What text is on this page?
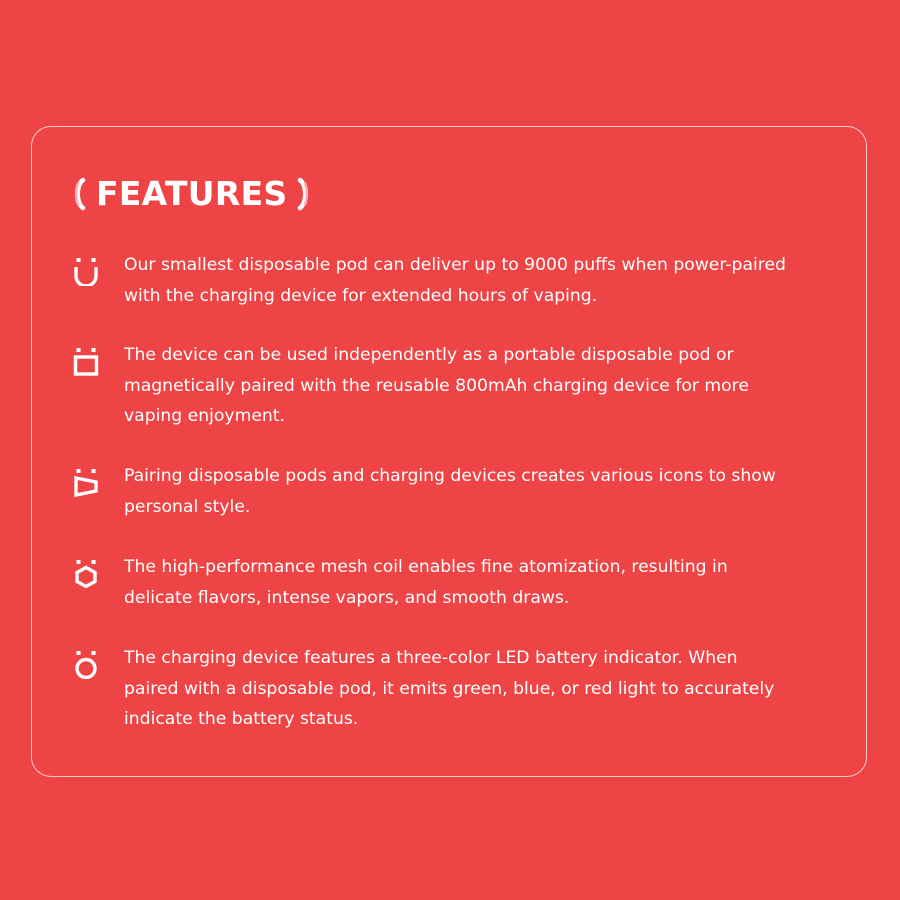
FEATURES
Our smallest disposable pod can deliver up to 9000 puffs when power-paired
with the charging device for extended hours of vaping.
The device can be used independently as a portable disposable pod or
magnetically paired with the reusable 800mAh charging device for more
vaping enjoyment.
Pairing disposable pods and charging devices creates various icons to show
personal style.
The high-performance mesh coil enables fine atomization, resulting in
delicate flavors, intense vapors, and smooth draws.
The charging device features a three-color LED battery indicator. When
paired with a disposable pod, it emits green, blue, or red light to accurately
indicate the battery status.
